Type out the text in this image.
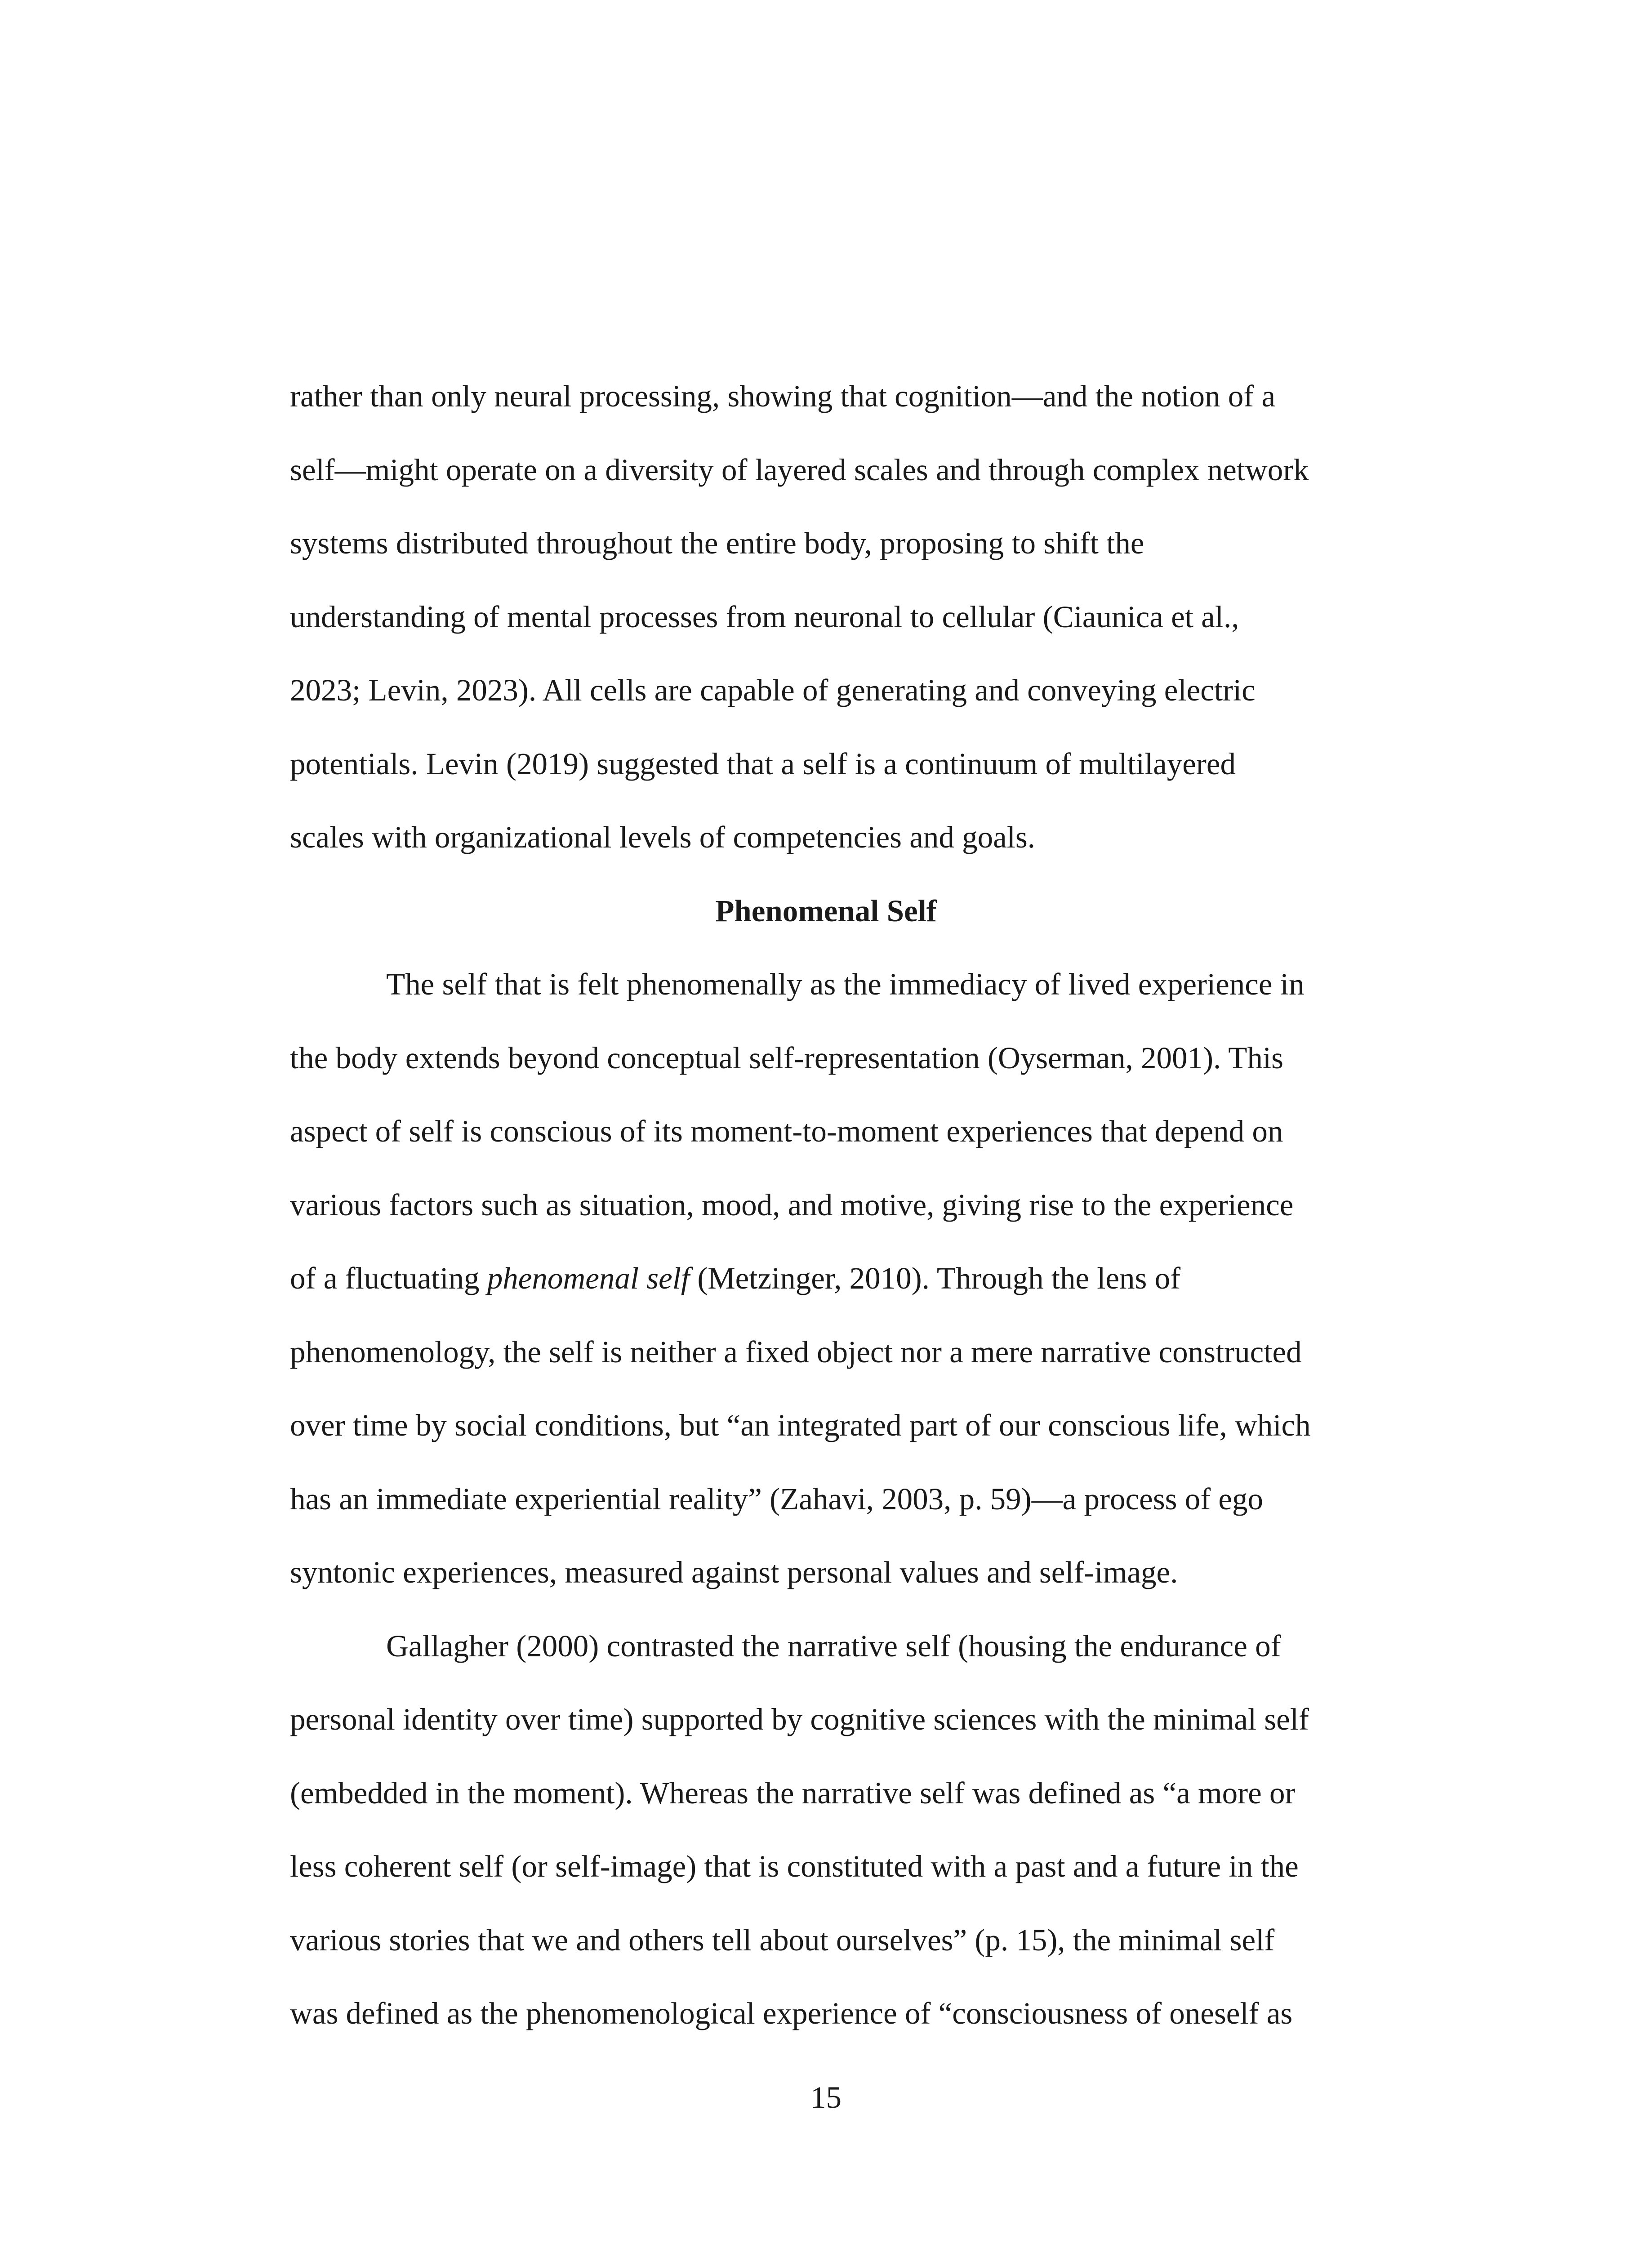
rather than only neural processing, showing that cognition—and the notion of a
self—might operate on a diversity of layered scales and through complex network
systems distributed throughout the entire body, proposing to shift the
understanding of mental processes from neuronal to cellular (Ciaunica et al.,
2023; Levin, 2023). All cells are capable of generating and conveying electric
potentials. Levin (2019) suggested that a self is a continuum of multilayered
scales with organizational levels of competencies and goals.
Phenomenal Self
The self that is felt phenomenally as the immediacy of lived experience in
the body extends beyond conceptual self-representation (Oyserman, 2001). This
aspect of self is conscious of its moment-to-moment experiences that depend on
various factors such as situation, mood, and motive, giving rise to the experience
of a fluctuating phenomenal self (Metzinger, 2010). Through the lens of
phenomenology, the self is neither a fixed object nor a mere narrative constructed
over time by social conditions, but “an integrated part of our conscious life, which
has an immediate experiential reality” (Zahavi, 2003, p. 59)—a process of ego
syntonic experiences, measured against personal values and self-image.
Gallagher (2000) contrasted the narrative self (housing the endurance of
personal identity over time) supported by cognitive sciences with the minimal self
(embedded in the moment). Whereas the narrative self was defined as “a more or
less coherent self (or self-image) that is constituted with a past and a future in the
various stories that we and others tell about ourselves” (p. 15), the minimal self
was defined as the phenomenological experience of “consciousness of oneself as
15
